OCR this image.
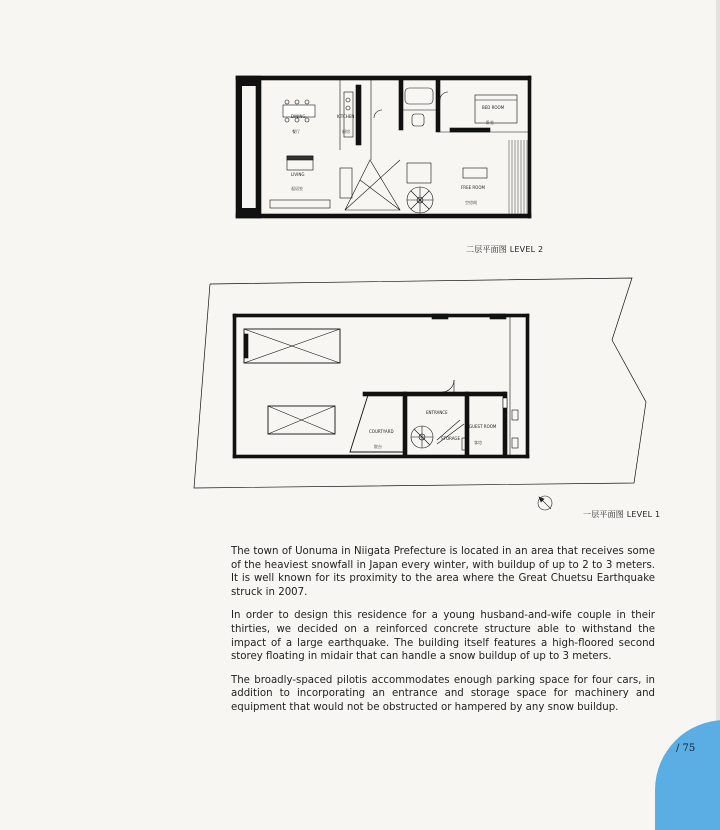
DINING
餐厅
KITCHEN
厨房
BED ROOM
卧室
LIVING
起居室	FREE ROOM
空房间
ENTRANCE
COURTYARD
院台
GUEST ROOM
客房
STORAGE
二层平面图 LEVEL 2
一层平面图 LEVEL 1

The town of Uonuma in Niigata Prefecture is located in an area that receives some of the heaviest snowfall in Japan every winter, with buildup of up to 2 to 3 meters. It is well known for its proximity to the area where the Great Chuetsu Earthquake struck in 2007.

In order to design this residence for a young husband-and-wife couple in their thirties, we decided on a reinforced concrete structure able to withstand the impact of a large earthquake. The building itself features a high-floored second storey floating in midair that can handle a snow buildup of up to 3 meters.

The broadly-spaced pilotis accommodates enough parking space for four cars, in addition to incorporating an entrance and storage space for machinery and equipment that would not be obstructed or hampered by any snow buildup.

/ 75
